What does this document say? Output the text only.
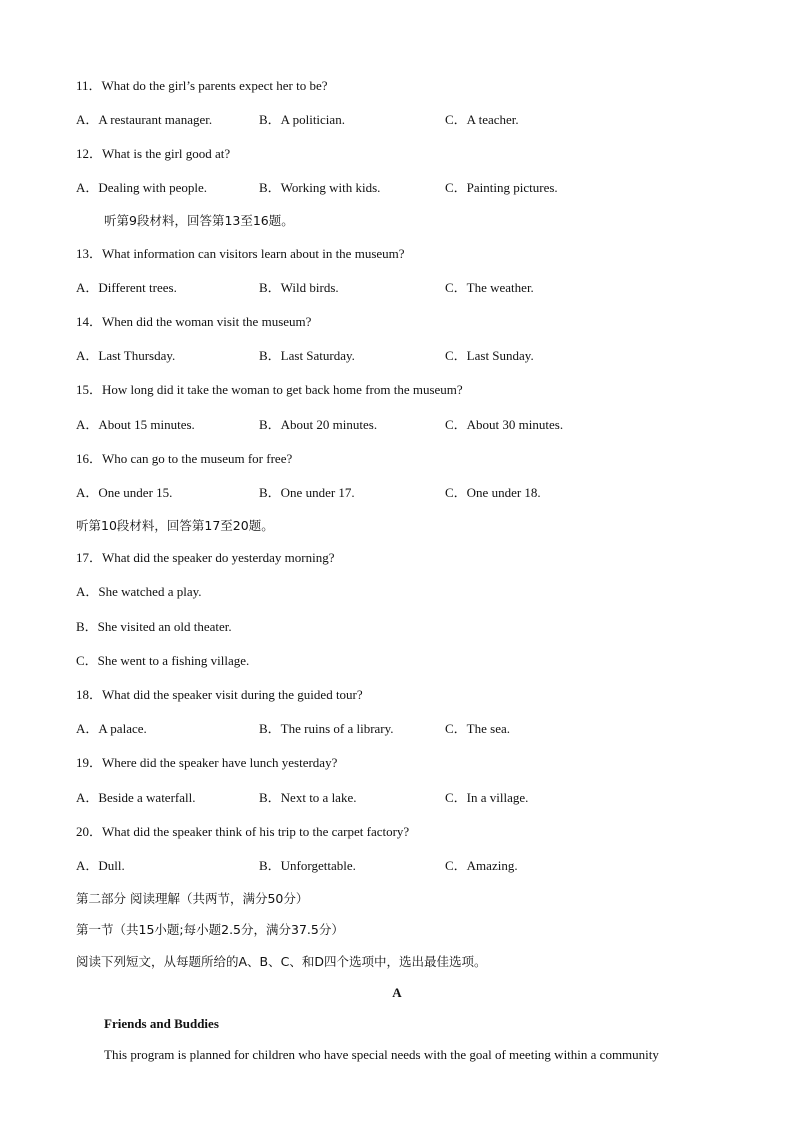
11．What do the girl’s parents expect her to be?
A．A restaurant manager.	B．A politician.	C．A teacher.
12．What is the girl good at?
A．Dealing with people.	B．Working with kids.	C．Painting pictures.
听第9段材料，回答第13至16题。
13．What information can visitors learn about in the museum?
A．Different trees.	B．Wild birds.	C．The weather.
14．When did the woman visit the museum?
A．Last Thursday.	B．Last Saturday.	C．Last Sunday.
15．How long did it take the woman to get back home from the museum?
A．About 15 minutes.	B．About 20 minutes.	C．About 30 minutes.
16．Who can go to the museum for free?
A．One under 15.	B．One under 17.	C．One under 18.
听第10段材料，回答第17至20题。
17．What did the speaker do yesterday morning?
A．She watched a play.
B．She visited an old theater.
C．She went to a fishing village.
18．What did the speaker visit during the guided tour?
A．A palace.	B．The ruins of a library.	C．The sea.
19．Where did the speaker have lunch yesterday?
A．Beside a waterfall.	B．Next to a lake.	C．In a village.
20．What did the speaker think of his trip to the carpet factory?
A．Dull.	B．Unforgettable.	C．Amazing.
第二部分 阅读理解（共两节，满分50分）
第一节（共15小题;每小题2.5分，满分37.5分）
阅读下列短文，从每题所给的A、B、C、和D四个选项中，选出最佳选项。
A
Friends and Buddies
This program is planned for children who have special needs with the goal of meeting within a community
